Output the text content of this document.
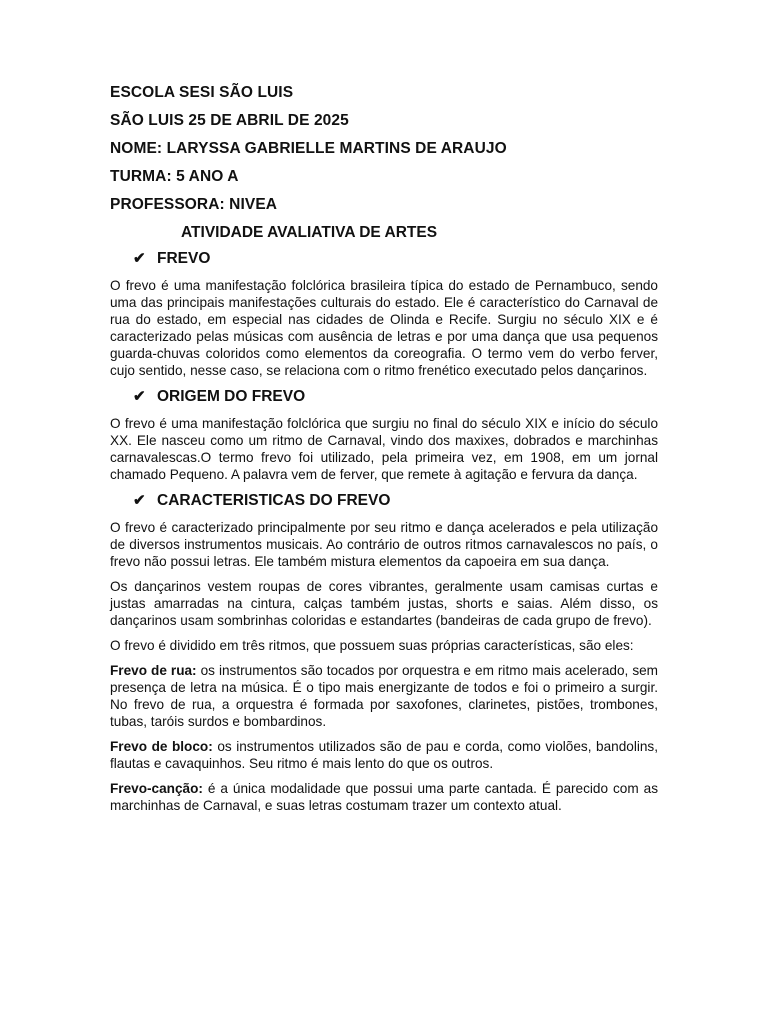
ESCOLA SESI SÃO LUIS
SÃO LUIS 25 DE ABRIL DE 2025
NOME: LARYSSA GABRIELLE MARTINS DE ARAUJO
TURMA: 5 ANO A
PROFESSORA: NIVEA
ATIVIDADE AVALIATIVA DE ARTES
✔ FREVO

O frevo é uma manifestação folclórica brasileira típica do estado de Pernambuco, sendo uma das principais manifestações culturais do estado. Ele é característico do Carnaval de rua do estado, em especial nas cidades de Olinda e Recife. Surgiu no século XIX e é caracterizado pelas músicas com ausência de letras e por uma dança que usa pequenos guarda-chuvas coloridos como elementos da coreografia. O termo vem do verbo ferver, cujo sentido, nesse caso, se relaciona com o ritmo frenético executado pelos dançarinos.

✔ ORIGEM DO FREVO

O frevo é uma manifestação folclórica que surgiu no final do século XIX e início do século XX. Ele nasceu como um ritmo de Carnaval, vindo dos maxixes, dobrados e marchinhas carnavalescas.O termo frevo foi utilizado, pela primeira vez, em 1908, em um jornal chamado Pequeno. A palavra vem de ferver, que remete à agitação e fervura da dança.

✔ CARACTERISTICAS DO FREVO

O frevo é caracterizado principalmente por seu ritmo e dança acelerados e pela utilização de diversos instrumentos musicais. Ao contrário de outros ritmos carnavalescos no país, o frevo não possui letras. Ele também mistura elementos da capoeira em sua dança.

Os dançarinos vestem roupas de cores vibrantes, geralmente usam camisas curtas e justas amarradas na cintura, calças também justas, shorts e saias. Além disso, os dançarinos usam sombrinhas coloridas e estandartes (bandeiras de cada grupo de frevo).

O frevo é dividido em três ritmos, que possuem suas próprias características, são eles:

Frevo de rua: os instrumentos são tocados por orquestra e em ritmo mais acelerado, sem presença de letra na música. É o tipo mais energizante de todos e foi o primeiro a surgir. No frevo de rua, a orquestra é formada por saxofones, clarinetes, pistões, trombones, tubas, taróis surdos e bombardinos.

Frevo de bloco: os instrumentos utilizados são de pau e corda, como violões, bandolins, flautas e cavaquinhos. Seu ritmo é mais lento do que os outros.

Frevo-canção: é a única modalidade que possui uma parte cantada. É parecido com as marchinhas de Carnaval, e suas letras costumam trazer um contexto atual.
